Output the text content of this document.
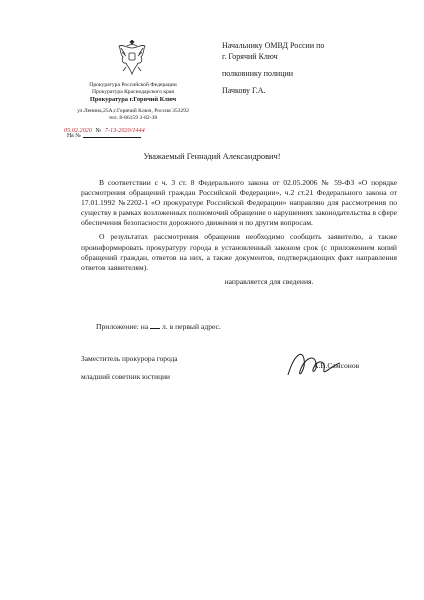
Прокуратура Российской Федерации
Прокуратура Краснодарского края
Прокуратура г.Горячий Ключ
ул.Ленина,25А,г.Горячий Ключ, Россия 353292
тел. 8-86159 3-82-38
05.02.2020 № 7-13-2020/1444
На №
Начальнику ОМВД России по
г. Горячий Ключ
полковнику полиции
Пачкову Г.А.
Уважаемый Геннадий Александрович!

В соответствии с ч. 3 ст. 8 Федерального закона от 02.05.2006 № 59-ФЗ «О порядке рассмотрения обращений граждан Российской Федерации», ч.2 ст.21 Федерального закона от 17.01.1992 №2202-1 «О прокуратуре Российской Федерации» направляю для рассмотрения по существу в рамках возложенных полномочий обращение о нарушениях законодательства в сфере обеспечения безопасности дорожного движения и по другим вопросам.

О результатах рассмотрения обращения необходимо сообщить заявителю, а также проинформировать прокуратуру города в установленный законом срок (с приложением копий обращений граждан, ответов на них, а также документов, подтверждающих факт направления ответов заявителям).

направляется для сведения.

Приложение: на л. в первый адрес.
Заместитель прокурора города
младший советник юстиции
А.В.Самсонов
